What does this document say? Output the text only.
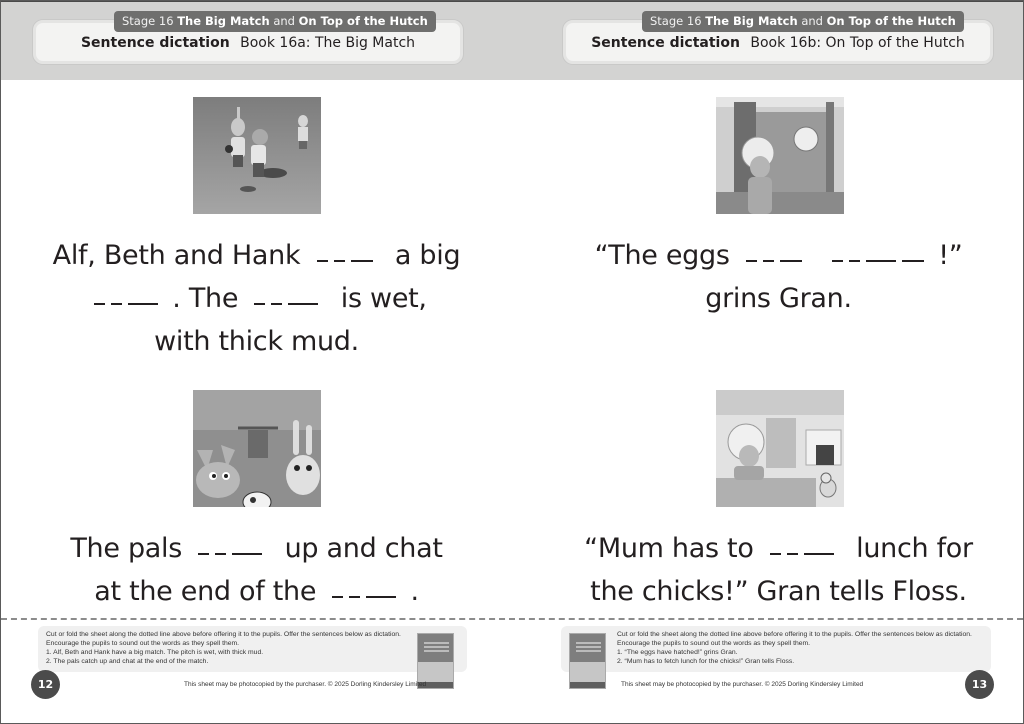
Stage 16 The Big Match and On Top of the Hutch
Sentence dictation Book 16a: The Big Match
Alf, Beth and Hank	a big
. The	is wet,
with thick mud.
The pals	up and chat
at the end of the	.
Cut or fold the sheet along the dotted line above before offering it to the pupils. Offer the sentences below as dictation.
Encourage the pupils to sound out the words as they spell them.
1. Alf, Beth and Hank have a big match. The pitch is wet, with thick mud.
2. The pals catch up and chat at the end of the match.
12	This sheet may be photocopied by the purchaser. © 2025 Dorling Kindersley Limited
Stage 16 The Big Match and On Top of the Hutch
Sentence dictation Book 16b: On Top of the Hutch
“The eggs	!”
grins Gran.
“Mum has to	lunch for
the chicks!” Gran tells Floss.
Cut or fold the sheet along the dotted line above before offering it to the pupils. Offer the sentences below as dictation.
Encourage the pupils to sound out the words as they spell them.
1. “The eggs have hatched!” grins Gran.
2. “Mum has to fetch lunch for the chicks!” Gran tells Floss.
13
This sheet may be photocopied by the purchaser. © 2025 Dorling Kindersley Limited
